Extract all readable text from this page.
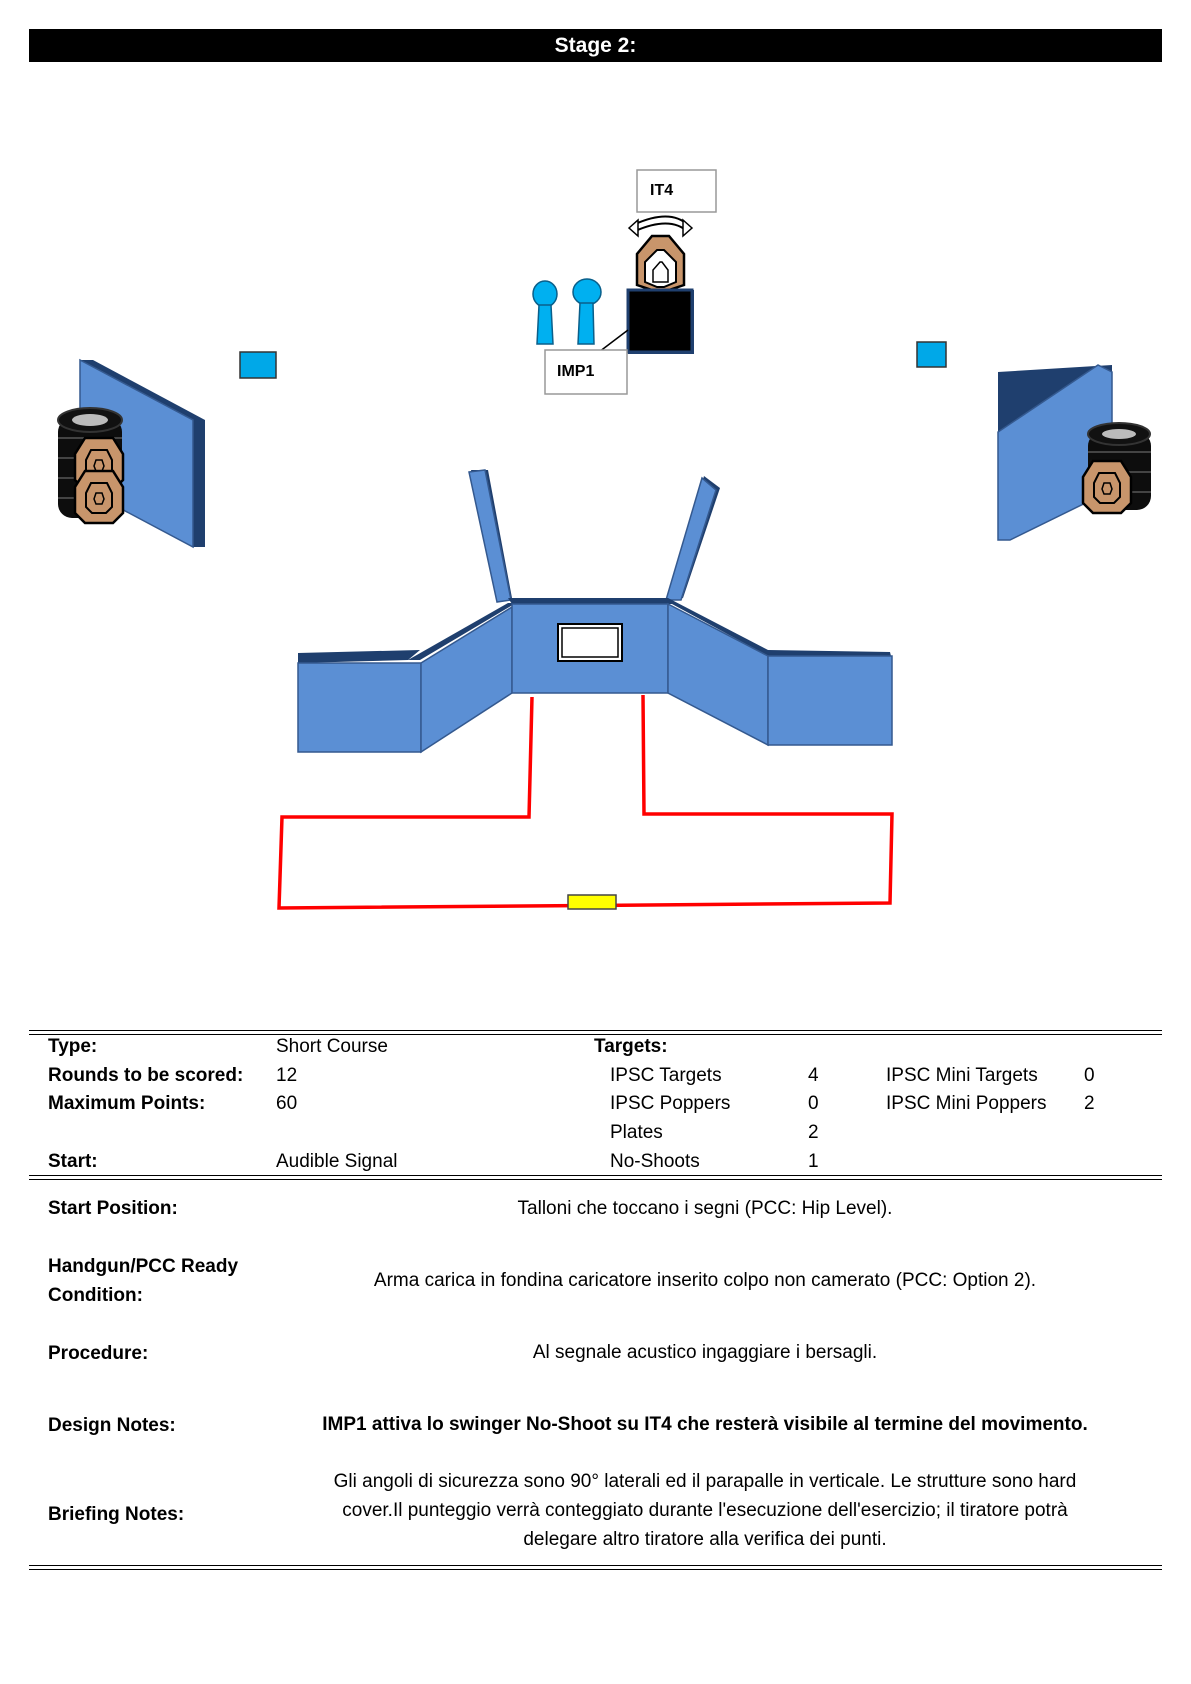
Stage 2:
IT4
IMP1
Type:	Short Course	Targets:
Rounds to be scored: 12	IPSC Targets	4	IPSC Mini Targets 0
Maximum Points:	60	IPSC Poppers	0	IPSC Mini Poppers 2
Plates	2
Start:	Audible Signal	No-Shoots	1
Start Position:	Talloni che toccano i segni (PCC: Hip Level).
Handgun/PCC Ready
Condition:
Arma carica in fondina caricatore inserito colpo non camerato (PCC: Option 2).
Procedure:	Al segnale acustico ingaggiare i bersagli.
Design Notes:	IMP1 attiva lo swinger No-Shoot su IT4 che resterà visibile al termine del movimento.
Briefing Notes:
Gli angoli di sicurezza sono 90° laterali ed il parapalle in verticale. Le strutture sono hard
cover.Il punteggio verrà conteggiato durante l'esecuzione dell'esercizio; il tiratore potrà
delegare altro tiratore alla verifica dei punti.
